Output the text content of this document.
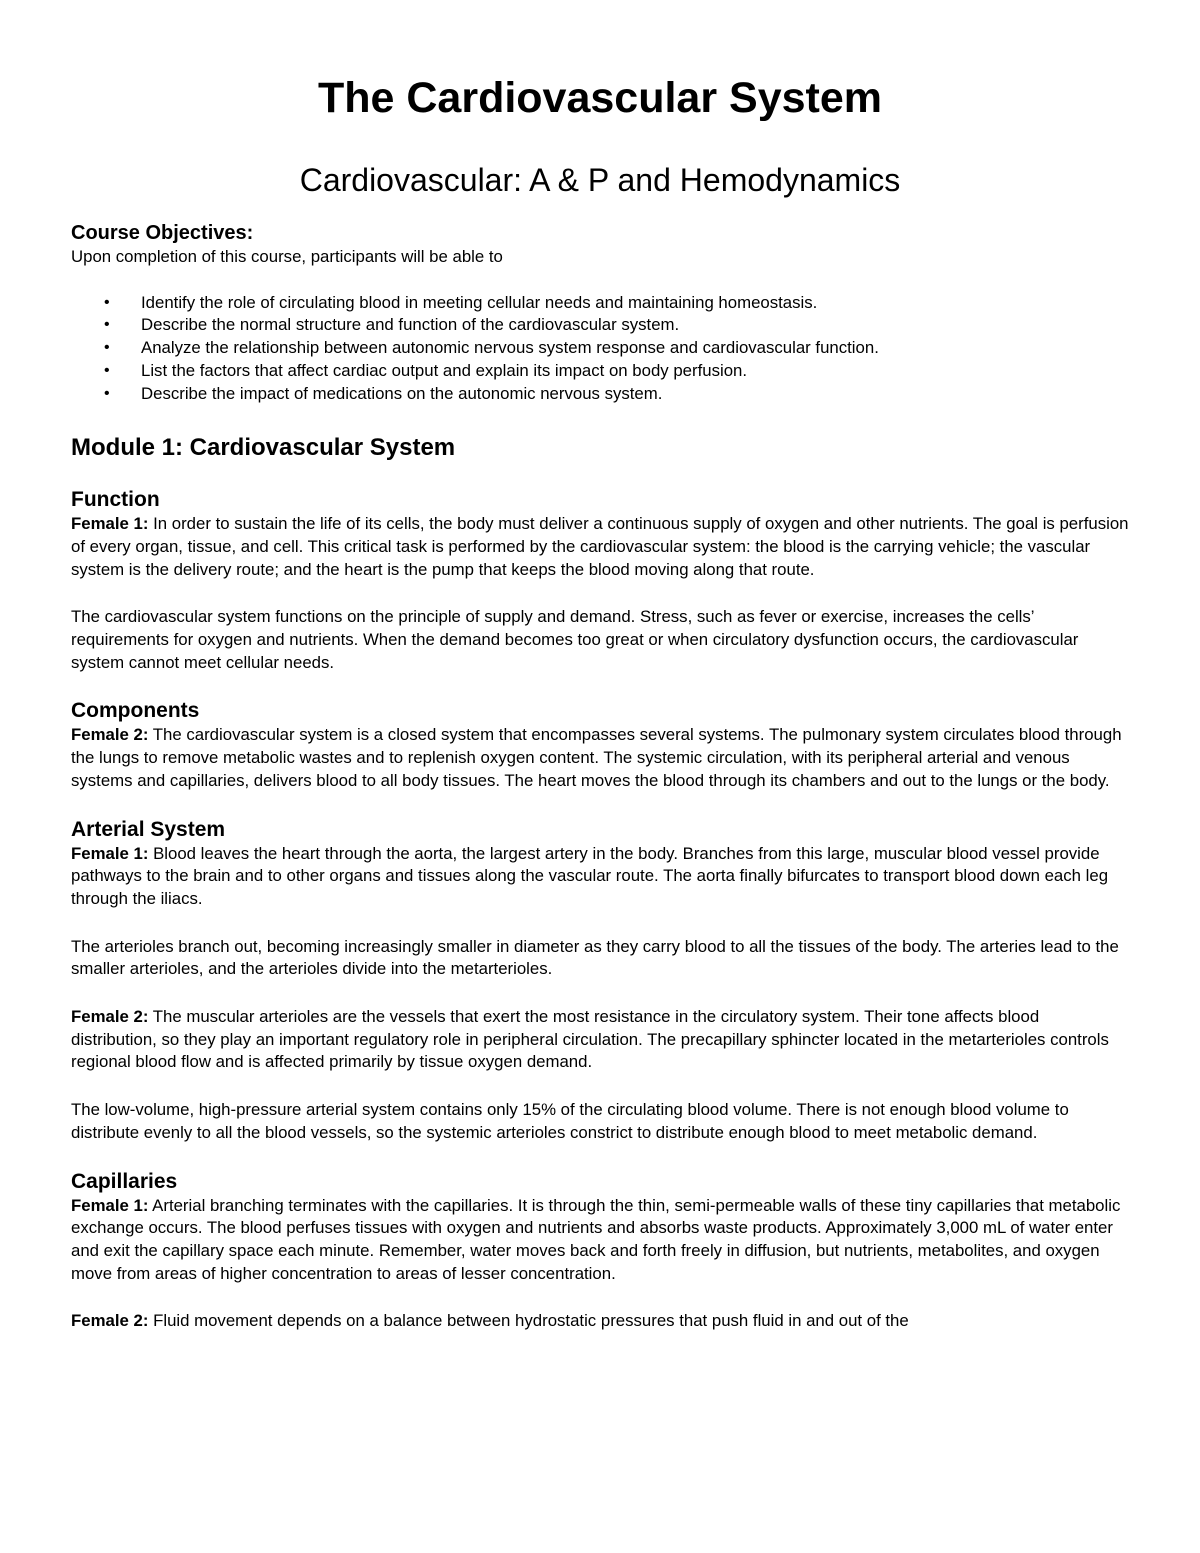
The Cardiovascular System
Cardiovascular: A & P and Hemodynamics
Course Objectives:

Upon completion of this course, participants will be able to

• Identify the role of circulating blood in meeting cellular needs and maintaining homeostasis.
• Describe the normal structure and function of the cardiovascular system.
• Analyze the relationship between autonomic nervous system response and cardiovascular function.
• List the factors that affect cardiac output and explain its impact on body perfusion.
• Describe the impact of medications on the autonomic nervous system.
Module 1: Cardiovascular System
Function

Female 1: In order to sustain the life of its cells, the body must deliver a continuous supply of oxygen and other nutrients. The goal is perfusion of every organ, tissue, and cell. This critical task is performed by the cardiovascular system: the blood is the carrying vehicle; the vascular system is the delivery route; and the heart is the pump that keeps the blood moving along that route.

The cardiovascular system functions on the principle of supply and demand. Stress, such as fever or exercise, increases the cells’ requirements for oxygen and nutrients. When the demand becomes too great or when circulatory dysfunction occurs, the cardiovascular system cannot meet cellular needs.

Components

Female 2: The cardiovascular system is a closed system that encompasses several systems. The pulmonary system circulates blood through the lungs to remove metabolic wastes and to replenish oxygen content. The systemic circulation, with its peripheral arterial and venous systems and capillaries, delivers blood to all body tissues. The heart moves the blood through its chambers and out to the lungs or the body.

Arterial System

Female 1: Blood leaves the heart through the aorta, the largest artery in the body. Branches from this large, muscular blood vessel provide pathways to the brain and to other organs and tissues along the vascular route. The aorta finally bifurcates to transport blood down each leg through the iliacs.

The arterioles branch out, becoming increasingly smaller in diameter as they carry blood to all the tissues of the body. The arteries lead to the smaller arterioles, and the arterioles divide into the metarterioles.

Female 2: The muscular arterioles are the vessels that exert the most resistance in the circulatory system. Their tone affects blood distribution, so they play an important regulatory role in peripheral circulation. The precapillary sphincter located in the metarterioles controls regional blood flow and is affected primarily by tissue oxygen demand.

The low-volume, high-pressure arterial system contains only 15% of the circulating blood volume. There is not enough blood volume to distribute evenly to all the blood vessels, so the systemic arterioles constrict to distribute enough blood to meet metabolic demand.

Capillaries

Female 1: Arterial branching terminates with the capillaries. It is through the thin, semi-permeable walls of these tiny capillaries that metabolic exchange occurs. The blood perfuses tissues with oxygen and nutrients and absorbs waste products. Approximately 3,000 mL of water enter and exit the capillary space each minute. Remember, water moves back and forth freely in diffusion, but nutrients, metabolites, and oxygen move from areas of higher concentration to areas of lesser concentration.

Female 2: Fluid movement depends on a balance between hydrostatic pressures that push fluid in and out of the
